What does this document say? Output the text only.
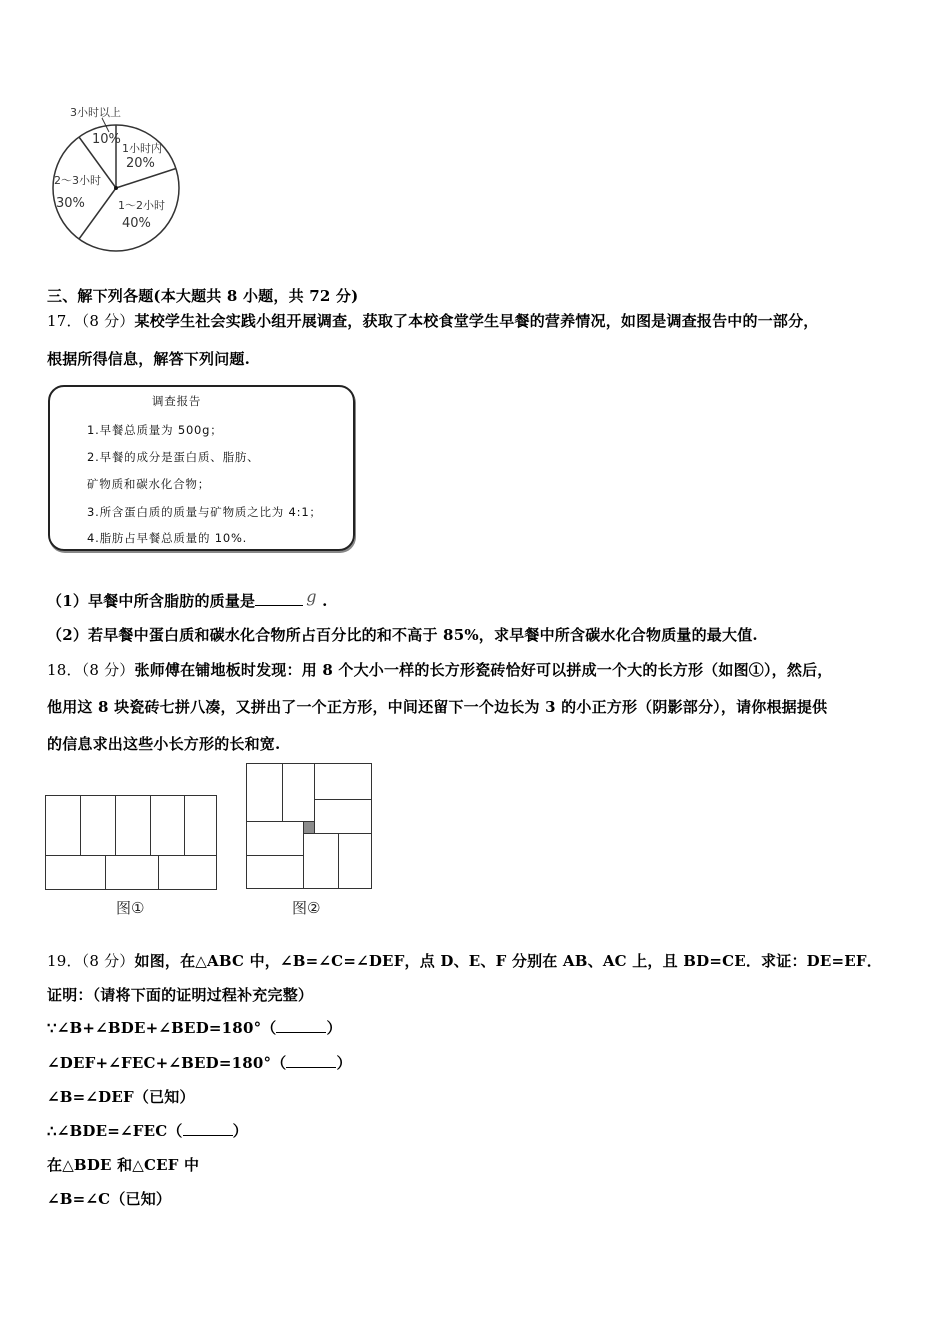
3小时以上
10%
1小时内
20%
2～3小时
30%	1～2小时
40%
三、解下列各题(本大题共 8 小题，共 72 分)
17．（8 分）某校学生社会实践小组开展调查，获取了本校食堂学生早餐的营养情况，如图是调查报告中的一部分，
根据所得信息，解答下列问题.
调查报告
1.早餐总质量为 500g；
2.早餐的成分是蛋白质、脂肪、
矿物质和碳水化合物；
3.所含蛋白质的质量与矿物质之比为 4:1；
4.脂肪占早餐总质量的 10%.
（1）早餐中所含脂肪的质量是	g .
（2）若早餐中蛋白质和碳水化合物所占百分比的和不高于 85%，求早餐中所含碳水化合物质量的最大值.
18．（8 分）张师傅在铺地板时发现：用 8 个大小一样的长方形瓷砖恰好可以拼成一个大的长方形（如图①），然后，
他用这 8 块瓷砖七拼八凑，又拼出了一个正方形，中间还留下一个边长为 3 的小正方形（阴影部分），请你根据提供
的信息求出这些小长方形的长和宽.
图①	图②
19．（8 分）如图，在△ABC 中，∠B=∠C=∠DEF，点 D、E、F 分别在 AB、AC 上，且 BD=CE．求证：DE=EF．
证明：（请将下面的证明过程补充完整）
∵∠B+∠BDE+∠BED=180°（	）
∠DEF+∠FEC+∠BED=180°（	）
∠B=∠DEF（已知）
∴∠BDE=∠FEC（	）
在△BDE 和△CEF 中
∠B=∠C（已知）
